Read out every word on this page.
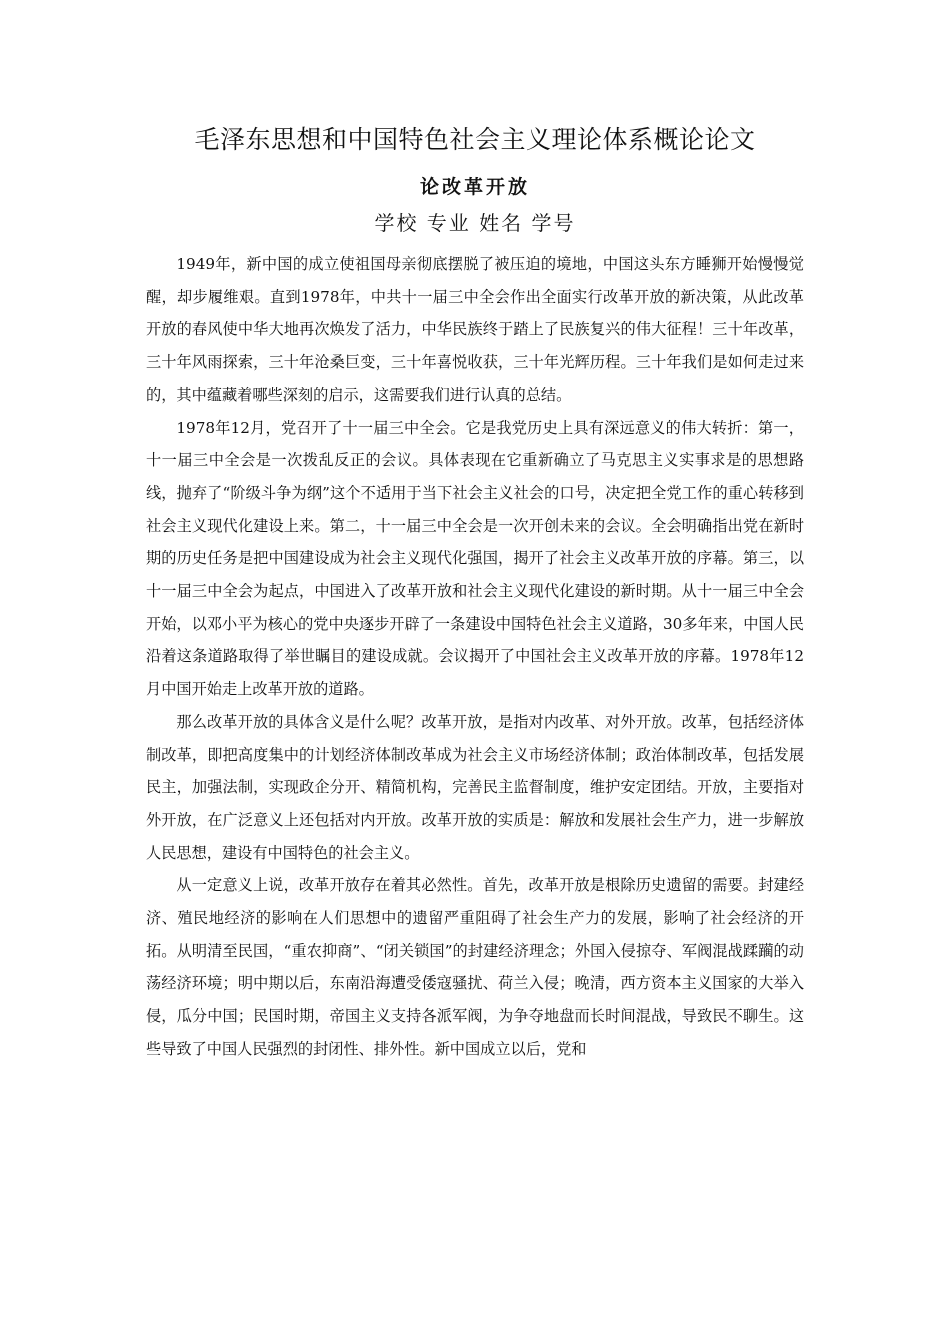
毛泽东思想和中国特色社会主义理论体系概论论文
论改革开放
学校 专业 姓名 学号

1949年，新中国的成立使祖国母亲彻底摆脱了被压迫的境地，中国这头东方睡狮开始慢慢觉醒，却步履维艰。直到1978年，中共十一届三中全会作出全面实行改革开放的新决策，从此改革开放的春风使中华大地再次焕发了活力，中华民族终于踏上了民族复兴的伟大征程！三十年改革，三十年风雨探索，三十年沧桑巨变，三十年喜悦收获，三十年光辉历程。三十年我们是如何走过来的，其中蕴藏着哪些深刻的启示，这需要我们进行认真的总结。

1978年12月，党召开了十一届三中全会。它是我党历史上具有深远意义的伟大转折：第一，十一届三中全会是一次拨乱反正的会议。具体表现在它重新确立了马克思主义实事求是的思想路线，抛弃了“阶级斗争为纲”这个不适用于当下社会主义社会的口号，决定把全党工作的重心转移到社会主义现代化建设上来。第二，十一届三中全会是一次开创未来的会议。全会明确指出党在新时期的历史任务是把中国建设成为社会主义现代化强国，揭开了社会主义改革开放的序幕。第三，以十一届三中全会为起点，中国进入了改革开放和社会主义现代化建设的新时期。从十一届三中全会开始，以邓小平为核心的党中央逐步开辟了一条建设中国特色社会主义道路，30多年来，中国人民沿着这条道路取得了举世瞩目的建设成就。会议揭开了中国社会主义改革开放的序幕。1978年12月中国开始走上改革开放的道路。

那么改革开放的具体含义是什么呢？改革开放，是指对内改革、对外开放。改革，包括经济体制改革，即把高度集中的计划经济体制改革成为社会主义市场经济体制；政治体制改革，包括发展民主，加强法制，实现政企分开、精简机构，完善民主监督制度，维护安定团结。开放，主要指对外开放，在广泛意义上还包括对内开放。改革开放的实质是：解放和发展社会生产力，进一步解放人民思想，建设有中国特色的社会主义。

从一定意义上说，改革开放存在着其必然性。首先，改革开放是根除历史遗留的需要。封建经济、殖民地经济的影响在人们思想中的遗留严重阻碍了社会生产力的发展，影响了社会经济的开拓。从明清至民国，“重农抑商”、“闭关锁国”的封建经济理念；外国入侵掠夺、军阀混战蹂躏的动荡经济环境；明中期以后，东南沿海遭受倭寇骚扰、荷兰入侵；晚清，西方资本主义国家的大举入侵，瓜分中国；民国时期，帝国主义支持各派军阀，为争夺地盘而长时间混战，导致民不聊生。这些导致了中国人民强烈的封闭性、排外性。新中国成立以后，党和
